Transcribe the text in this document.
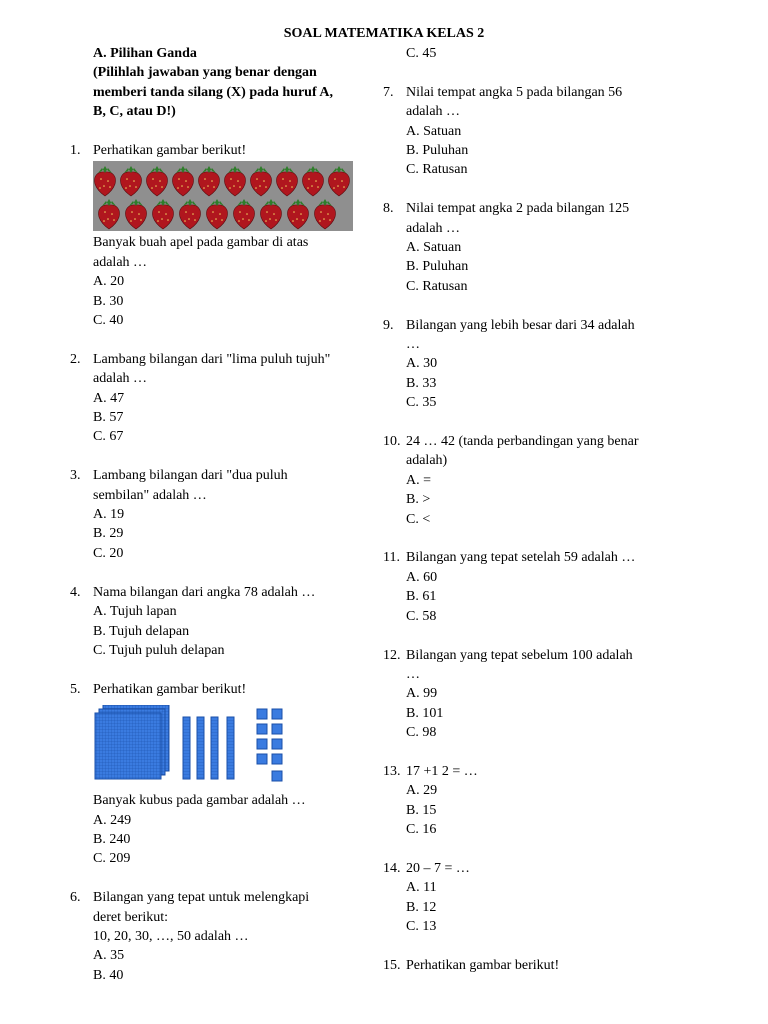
SOAL MATEMATIKA KELAS 2
A. Pilihan Ganda
(Pilihlah jawaban yang benar dengan
memberi tanda silang (X) pada huruf A,
B, C, atau D!)
1. Perhatikan gambar berikut!
Banyak buah apel pada gambar di atas
adalah …
A. 20
B. 30
C. 40
2. Lambang bilangan dari "lima puluh tujuh"
adalah …
A. 47
B. 57
C. 67
3. Lambang bilangan dari "dua puluh
sembilan" adalah …
A. 19
B. 29
C. 20
4. Nama bilangan dari angka 78 adalah …
A. Tujuh lapan
B. Tujuh delapan
C. Tujuh puluh delapan
5. Perhatikan gambar berikut!
Banyak kubus pada gambar adalah …
A. 249
B. 240
C. 209
6. Bilangan yang tepat untuk melengkapi
deret berikut:
10, 20, 30, …, 50 adalah …
A. 35
B. 40
C. 45
7. Nilai tempat angka 5 pada bilangan 56
adalah …
A. Satuan
B. Puluhan
C. Ratusan
8. Nilai tempat angka 2 pada bilangan 125
adalah …
A. Satuan
B. Puluhan
C. Ratusan
9. Bilangan yang lebih besar dari 34 adalah
…
A. 30
B. 33
C. 35
10. 24 … 42 (tanda perbandingan yang benar
adalah)
A. =
B. >
C. <
11. Bilangan yang tepat setelah 59 adalah …
A. 60
B. 61
C. 58
12. Bilangan yang tepat sebelum 100 adalah
…
A. 99
B. 101
C. 98
13. 17 +1 2 = …
A. 29
B. 15
C. 16
14. 20 – 7 = …
A. 11
B. 12
C. 13
15. Perhatikan gambar berikut!
